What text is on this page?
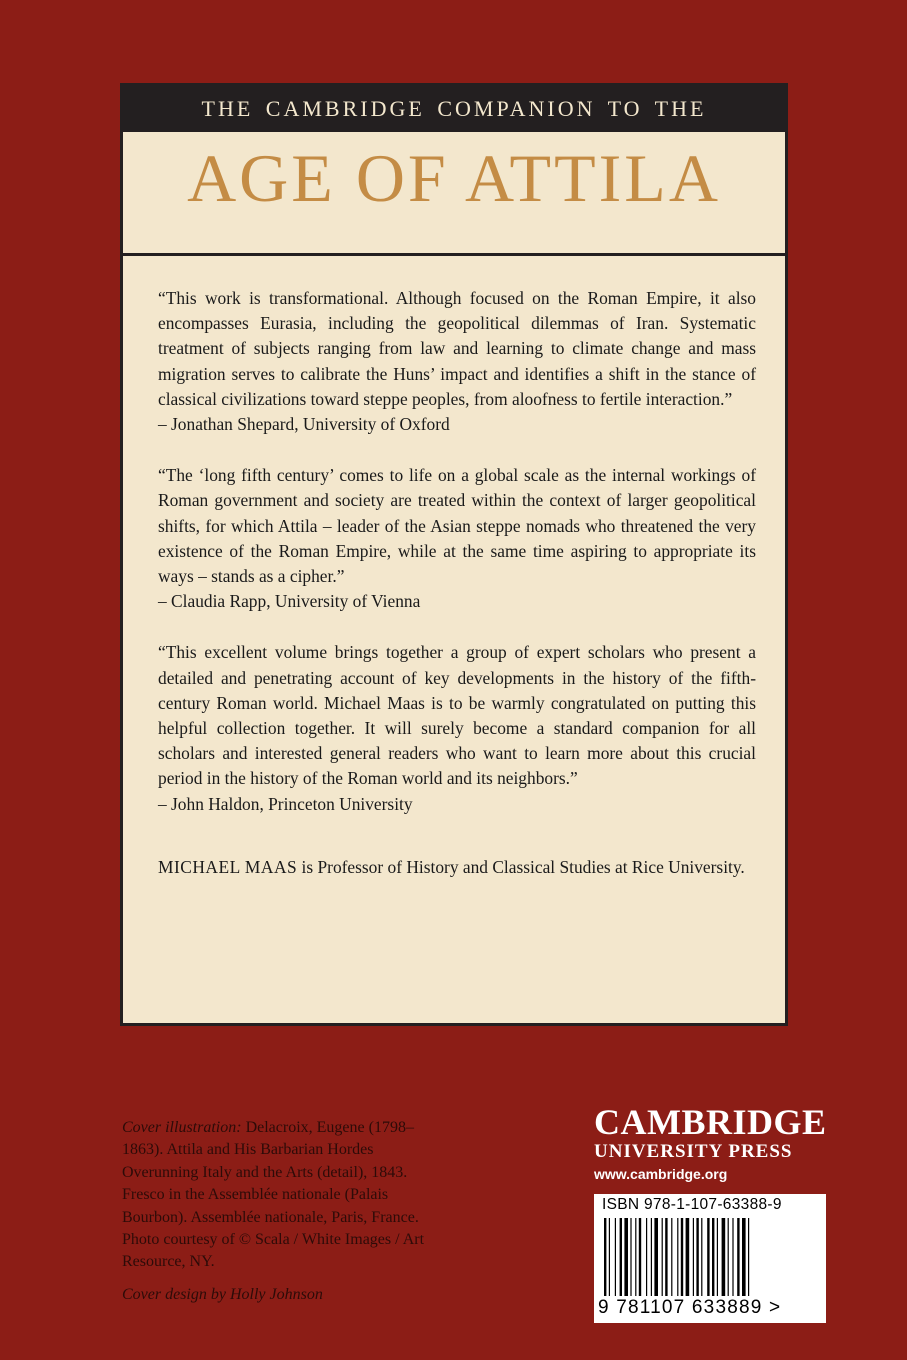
THE CAMBRIDGE COMPANION TO THE
AGE OF ATTILA

“This work is transformational. Although focused on the Roman Empire, it also encompasses Eurasia, including the geopolitical dilemmas of Iran. Systematic treatment of subjects ranging from law and learning to climate change and mass migration serves to calibrate the Huns’ impact and identifies a shift in the stance of classical civilizations toward steppe peoples, from aloofness to fertile interaction.”

– Jonathan Shepard, University of Oxford

“The ‘long fifth century’ comes to life on a global scale as the internal workings of Roman government and society are treated within the context of larger geopolitical shifts, for which Attila – leader of the Asian steppe nomads who threatened the very existence of the Roman Empire, while at the same time aspiring to appropriate its ways – stands as a cipher.”

– Claudia Rapp, University of Vienna

“This excellent volume brings together a group of expert scholars who present a detailed and penetrating account of key developments in the history of the fifth-century Roman world. Michael Maas is to be warmly congratulated on putting this helpful collection together. It will surely become a standard companion for all scholars and interested general readers who want to learn more about this crucial period in the history of the Roman world and its neighbors.”

– John Haldon, Princeton University

MICHAEL MAAS is Professor of History and Classical Studies at Rice University.

Cover illustration: Delacroix, Eugene (1798–1863). Attila and His Barbarian Hordes Overunning Italy and the Arts (detail), 1843. Fresco in the Assemblée nationale (Palais Bourbon). Assemblée nationale, Paris, France. Photo courtesy of © Scala / White Images / Art Resource, NY.
Cover design by Holly Johnson
CAMBRIDGE
UNIVERSITY PRESS
www.cambridge.org
ISBN 978-1-107-63388-9
9 781107 633889 >
